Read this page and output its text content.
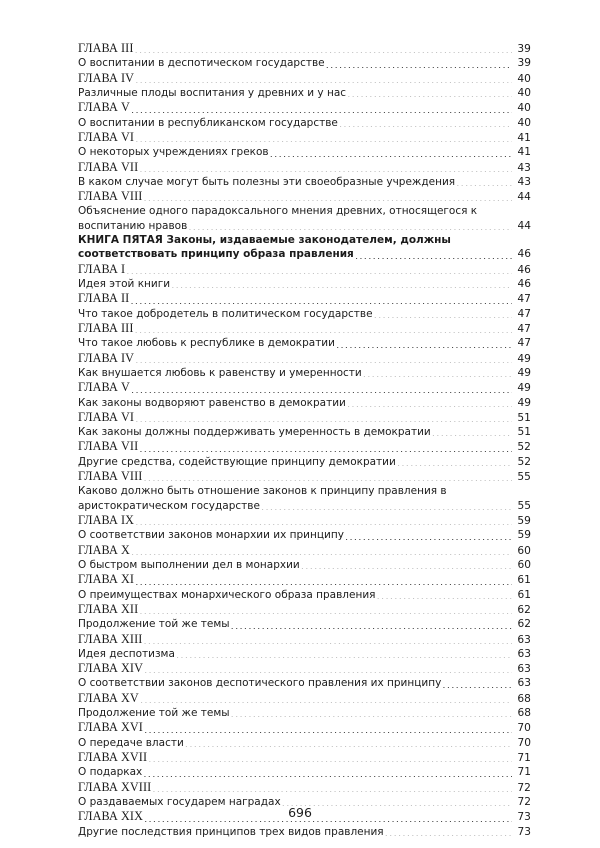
ГЛАВА III .....	39
О воспитании в деспотическом государстве .....	39
ГЛАВА IV .....	40
Различные плоды воспитания у древних и у нас .....	40
ГЛАВА V .....	40
О воспитании в республиканском государстве .....	40
ГЛАВА VI .....	41
О некоторых учреждениях греков .....	41
ГЛАВА VII .....	43
В каком случае могут быть полезны эти своеобразные учреждения .....	43
ГЛАВА VIII .....	44
Объяснение одного парадоксального мнения древних, относящегося к
воспитанию нравов .....	44
КНИГА ПЯТАЯ Законы, издаваемые законодателем, должны
соответствовать принципу образа правления .....	46
ГЛАВА I .....	46
Идея этой книги .....	46
ГЛАВА II .....	47
Что такое добродетель в политическом государстве .....	47
ГЛАВА III .....	47
Что такое любовь к республике в демократии .....	47
ГЛАВА IV .....	49
Как внушается любовь к равенству и умеренности .....	49
ГЛАВА V .....	49
Как законы водворяют равенство в демократии .....	49
ГЛАВА VI .....	51
Как законы должны поддерживать умеренность в демократии .....	51
ГЛАВА VII .....	52
Другие средства, содействующие принципу демократии .....	52
ГЛАВА VIII .....	55
Каково должно быть отношение законов к принципу правления в
аристократическом государстве .....	55
ГЛАВА IX .....	59
О соответствии законов монархии их принципу .....	59
ГЛАВА X .....	60
О быстром выполнении дел в монархии .....	60
ГЛАВА XI .....	61
О преимуществах монархического образа правления .....	61
ГЛАВА XII .....	62
Продолжение той же темы .....	62
ГЛАВА XIII .....	63
Идея деспотизма .....	63
ГЛАВА XIV .....	63
О соответствии законов деспотического правления их принципу .....	63
ГЛАВА XV .....	68
Продолжение той же темы .....	68
ГЛАВА XVI .....	70
О передаче власти .....	70
ГЛАВА XVII .....	71
О подарках .....	71
ГЛАВА XVIII .....	72
О раздаваемых государем наградах .....	72
ГЛАВА XIX .....	73
Другие последствия принципов трех видов правления .....	73
696
